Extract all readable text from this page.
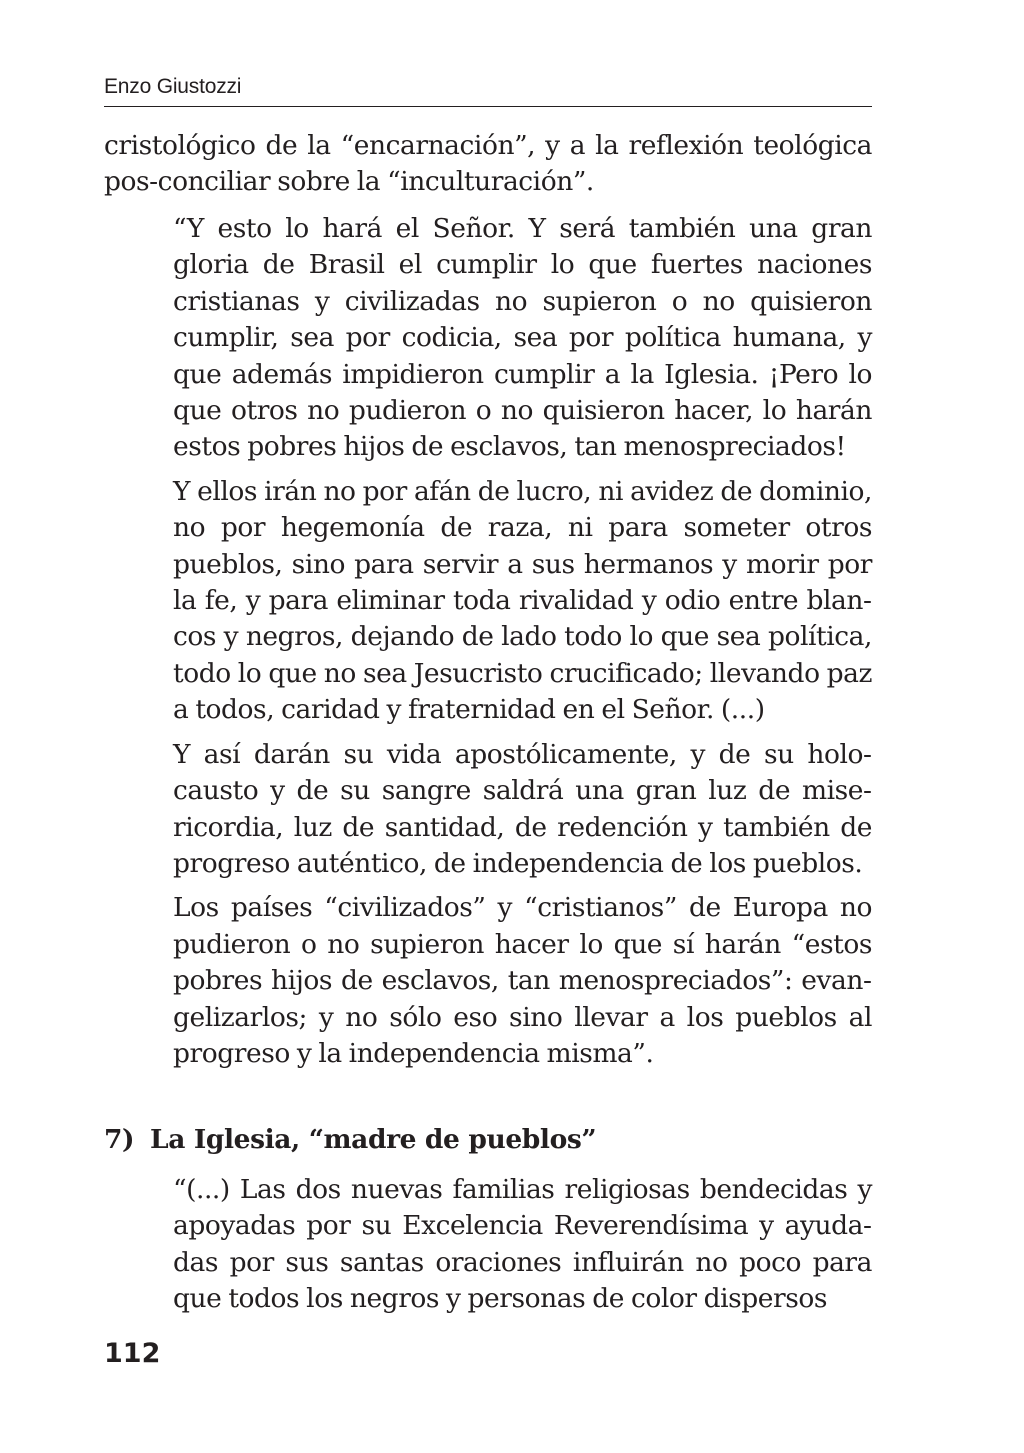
Enzo Giustozzi

cristológico de la “encarnación”, y a la reflexión teológica pos-conciliar sobre la “inculturación”.

“Y esto lo hará el Señor. Y será también una gran gloria de Brasil el cumplir lo que fuertes naciones cristianas y civilizadas no supieron o no quisieron cumplir, sea por codicia, sea por política humana, y que además impidieron cumplir a la Iglesia. ¡Pero lo que otros no pudieron o no quisieron hacer, lo harán estos pobres hijos de esclavos, tan menospreciados!

Y ellos irán no por afán de lucro, ni avidez de dominio, no por hegemonía de raza, ni para someter otros pueblos, sino para servir a sus hermanos y morir por la fe, y para eliminar toda rivalidad y odio entre blancos y negros, dejando de lado todo lo que sea política, todo lo que no sea Jesucristo crucificado; llevando paz a todos, caridad y fraternidad en el Señor. (...)

Y así darán su vida apostólicamente, y de su holocausto y de su sangre saldrá una gran luz de misericordia, luz de santidad, de redención y también de progreso auténtico, de independencia de los pueblos.

Los países “civilizados” y “cristianos” de Europa no pudieron o no supieron hacer lo que sí harán “estos pobres hijos de esclavos, tan menospreciados”: evangelizarlos; y no sólo eso sino llevar a los pueblos al progreso y la independencia misma”.

7) La Iglesia, “madre de pueblos”

“(...) Las dos nuevas familias religiosas bendecidas y apoyadas por su Excelencia Reverendísima y ayudadas por sus santas oraciones influirán no poco para que todos los negros y personas de color dispersos

112
